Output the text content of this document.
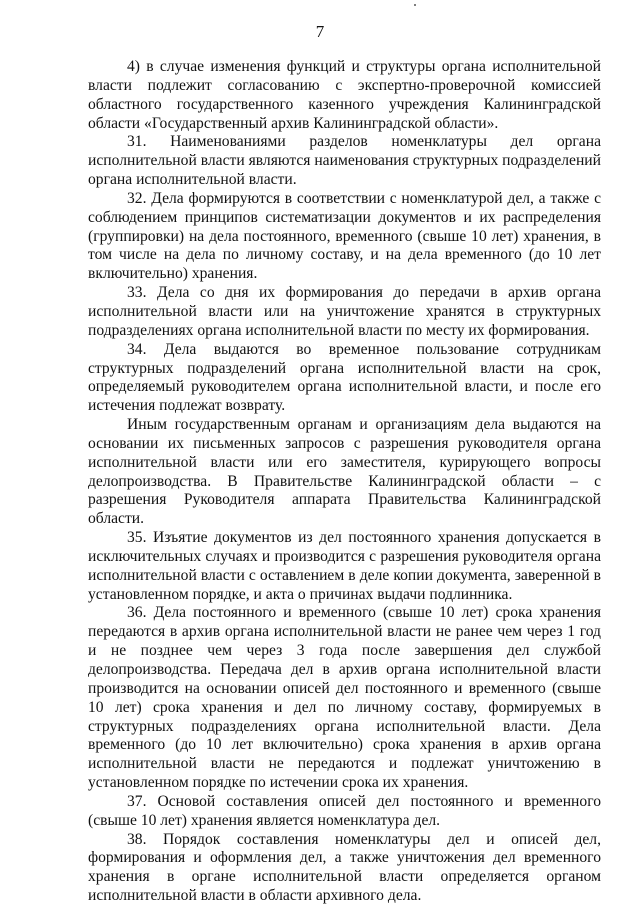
7

4) в случае изменения функций и структуры органа исполнительной власти подлежит согласованию с экспертно-проверочной комиссией областного государственного казенного учреждения Калининградской области «Государственный архив Калининградской области».

31. Наименованиями разделов номенклатуры дел органа исполнительной власти являются наименования структурных подразделений органа исполнительной власти.

32. Дела формируются в соответствии с номенклатурой дел, а также с соблюдением принципов систематизации документов и их распределения (группировки) на дела постоянного, временного (свыше 10 лет) хранения, в том числе на дела по личному составу, и на дела временного (до 10 лет включительно) хранения.

33. Дела со дня их формирования до передачи в архив органа исполнительной власти или на уничтожение хранятся в структурных подразделениях органа исполнительной власти по месту их формирования.

34. Дела выдаются во временное пользование сотрудникам структурных подразделений органа исполнительной власти на срок, определяемый руководителем органа исполнительной власти, и после его истечения подлежат возврату.

Иным государственным органам и организациям дела выдаются на основании их письменных запросов с разрешения руководителя органа исполнительной власти или его заместителя, курирующего вопросы делопроизводства. В Правительстве Калининградской области – с разрешения Руководителя аппарата Правительства Калининградской области.

35. Изъятие документов из дел постоянного хранения допускается в исключительных случаях и производится с разрешения руководителя органа исполнительной власти с оставлением в деле копии документа, заверенной в установленном порядке, и акта о причинах выдачи подлинника.

36. Дела постоянного и временного (свыше 10 лет) срока хранения передаются в архив органа исполнительной власти не ранее чем через 1 год и не позднее чем через 3 года после завершения дел службой делопроизводства. Передача дел в архив органа исполнительной власти производится на основании описей дел постоянного и временного (свыше 10 лет) срока хранения и дел по личному составу, формируемых в структурных подразделениях органа исполнительной власти. Дела временного (до 10 лет включительно) срока хранения в архив органа исполнительной власти не передаются и подлежат уничтожению в установленном порядке по истечении срока их хранения.

37. Основой составления описей дел постоянного и временного (свыше 10 лет) хранения является номенклатура дел.

38. Порядок составления номенклатуры дел и описей дел, формирования и оформления дел, а также уничтожения дел временного хранения в органе исполнительной власти определяется органом исполнительной власти в области архивного дела.
